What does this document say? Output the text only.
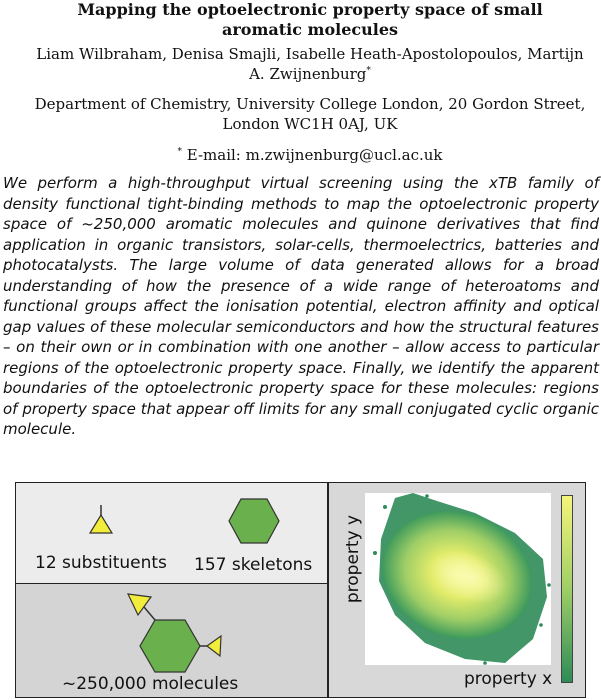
Mapping the optoelectronic property space of small aromatic molecules
Liam Wilbraham, Denisa Smajli, Isabelle Heath-Apostolopoulos, Martijn A. Zwijnenburg*
Department of Chemistry, University College London, 20 Gordon Street, London WC1H 0AJ, UK
* E-mail: m.zwijnenburg@ucl.ac.uk

We perform a high-throughput virtual screening using the xTB family of density functional tight-binding methods to map the optoelectronic property space of ~250,000 aromatic molecules and quinone derivatives that find application in organic transistors, solar-cells, thermoelectrics, batteries and photocatalysts. The large volume of data generated allows for a broad understanding of how the presence of a wide range of heteroatoms and functional groups affect the ionisation potential, electron affinity and optical gap values of these molecular semiconductors and how the structural features – on their own or in combination with one another – allow access to particular regions of the optoelectronic property space. Finally, we identify the apparent boundaries of the optoelectronic property space for these molecules: regions of property space that appear off limits for any small conjugated cyclic organic molecule.

12 substituents 157 skeletons
~250,000 molecules
property y
property x
